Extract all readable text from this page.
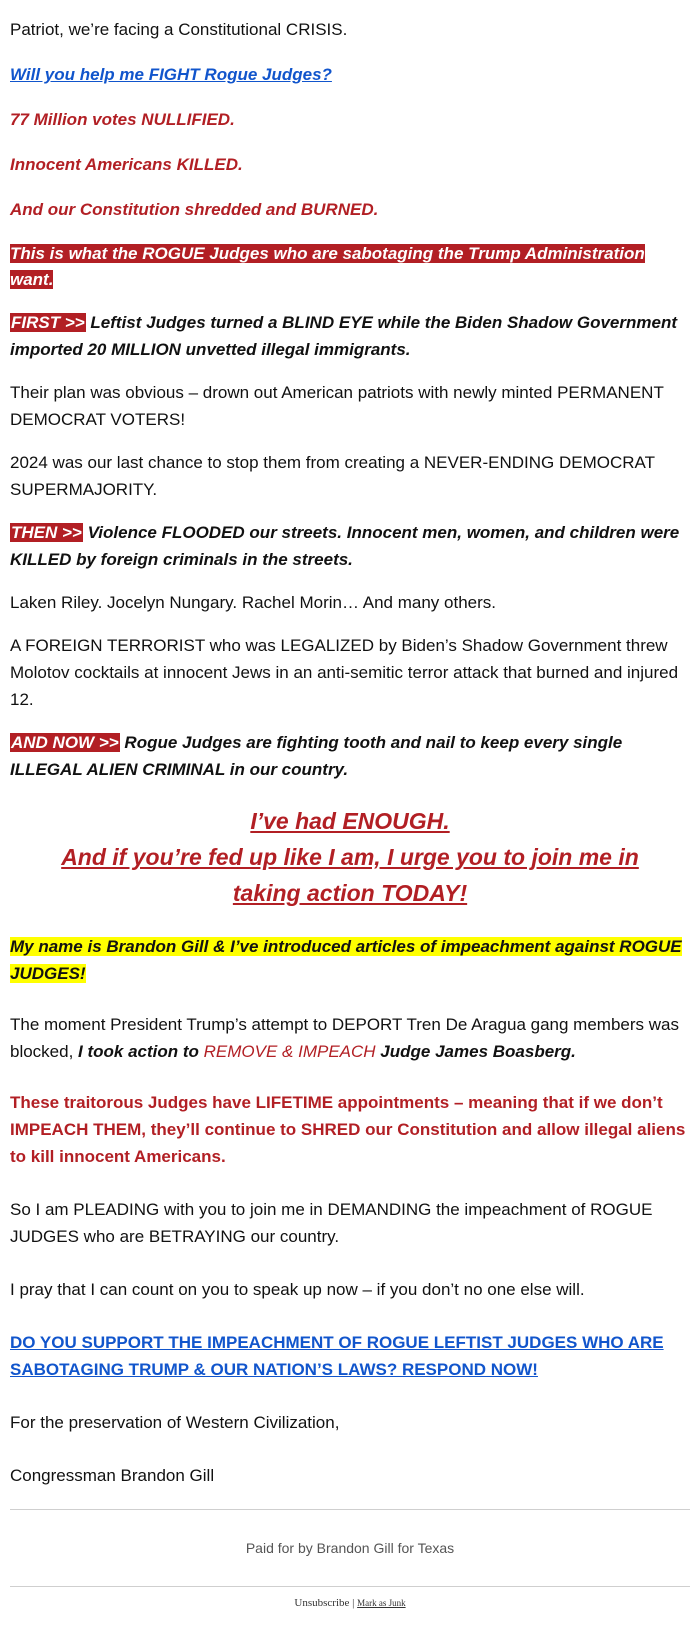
Patriot, we’re facing a Constitutional CRISIS.

Will you help me FIGHT Rogue Judges?

77 Million votes NULLIFIED.

Innocent Americans KILLED.

And our Constitution shredded and BURNED.

This is what the ROGUE Judges who are sabotaging the Trump Administration want.

FIRST >> Leftist Judges turned a BLIND EYE while the Biden Shadow Government imported 20 MILLION unvetted illegal immigrants.

Their plan was obvious – drown out American patriots with newly minted PERMANENT DEMOCRAT VOTERS!

2024 was our last chance to stop them from creating a NEVER-ENDING DEMOCRAT SUPERMAJORITY.

THEN >> Violence FLOODED our streets. Innocent men, women, and children were KILLED by foreign criminals in the streets.

Laken Riley. Jocelyn Nungary. Rachel Morin… And many others.

A FOREIGN TERRORIST who was LEGALIZED by Biden’s Shadow Government threw Molotov cocktails at innocent Jews in an anti-semitic terror attack that burned and injured 12.

AND NOW >> Rogue Judges are fighting tooth and nail to keep every single ILLEGAL ALIEN CRIMINAL in our country.

I’ve had ENOUGH.

And if you’re fed up like I am, I urge you to join me in taking action TODAY!

My name is Brandon Gill & I’ve introduced articles of impeachment against ROGUE JUDGES!

The moment President Trump’s attempt to DEPORT Tren De Aragua gang members was blocked, I took action to REMOVE & IMPEACH Judge James Boasberg.

These traitorous Judges have LIFETIME appointments – meaning that if we don’t IMPEACH THEM, they’ll continue to SHRED our Constitution and allow illegal aliens to kill innocent Americans.

So I am PLEADING with you to join me in DEMANDING the impeachment of ROGUE JUDGES who are BETRAYING our country.

I pray that I can count on you to speak up now – if you don’t no one else will.

DO YOU SUPPORT THE IMPEACHMENT OF ROGUE LEFTIST JUDGES WHO ARE SABOTAGING TRUMP & OUR NATION’S LAWS? RESPOND NOW!

For the preservation of Western Civilization,

Congressman Brandon Gill

Paid for by Brandon Gill for Texas

Unsubscribe | Mark as Junk
